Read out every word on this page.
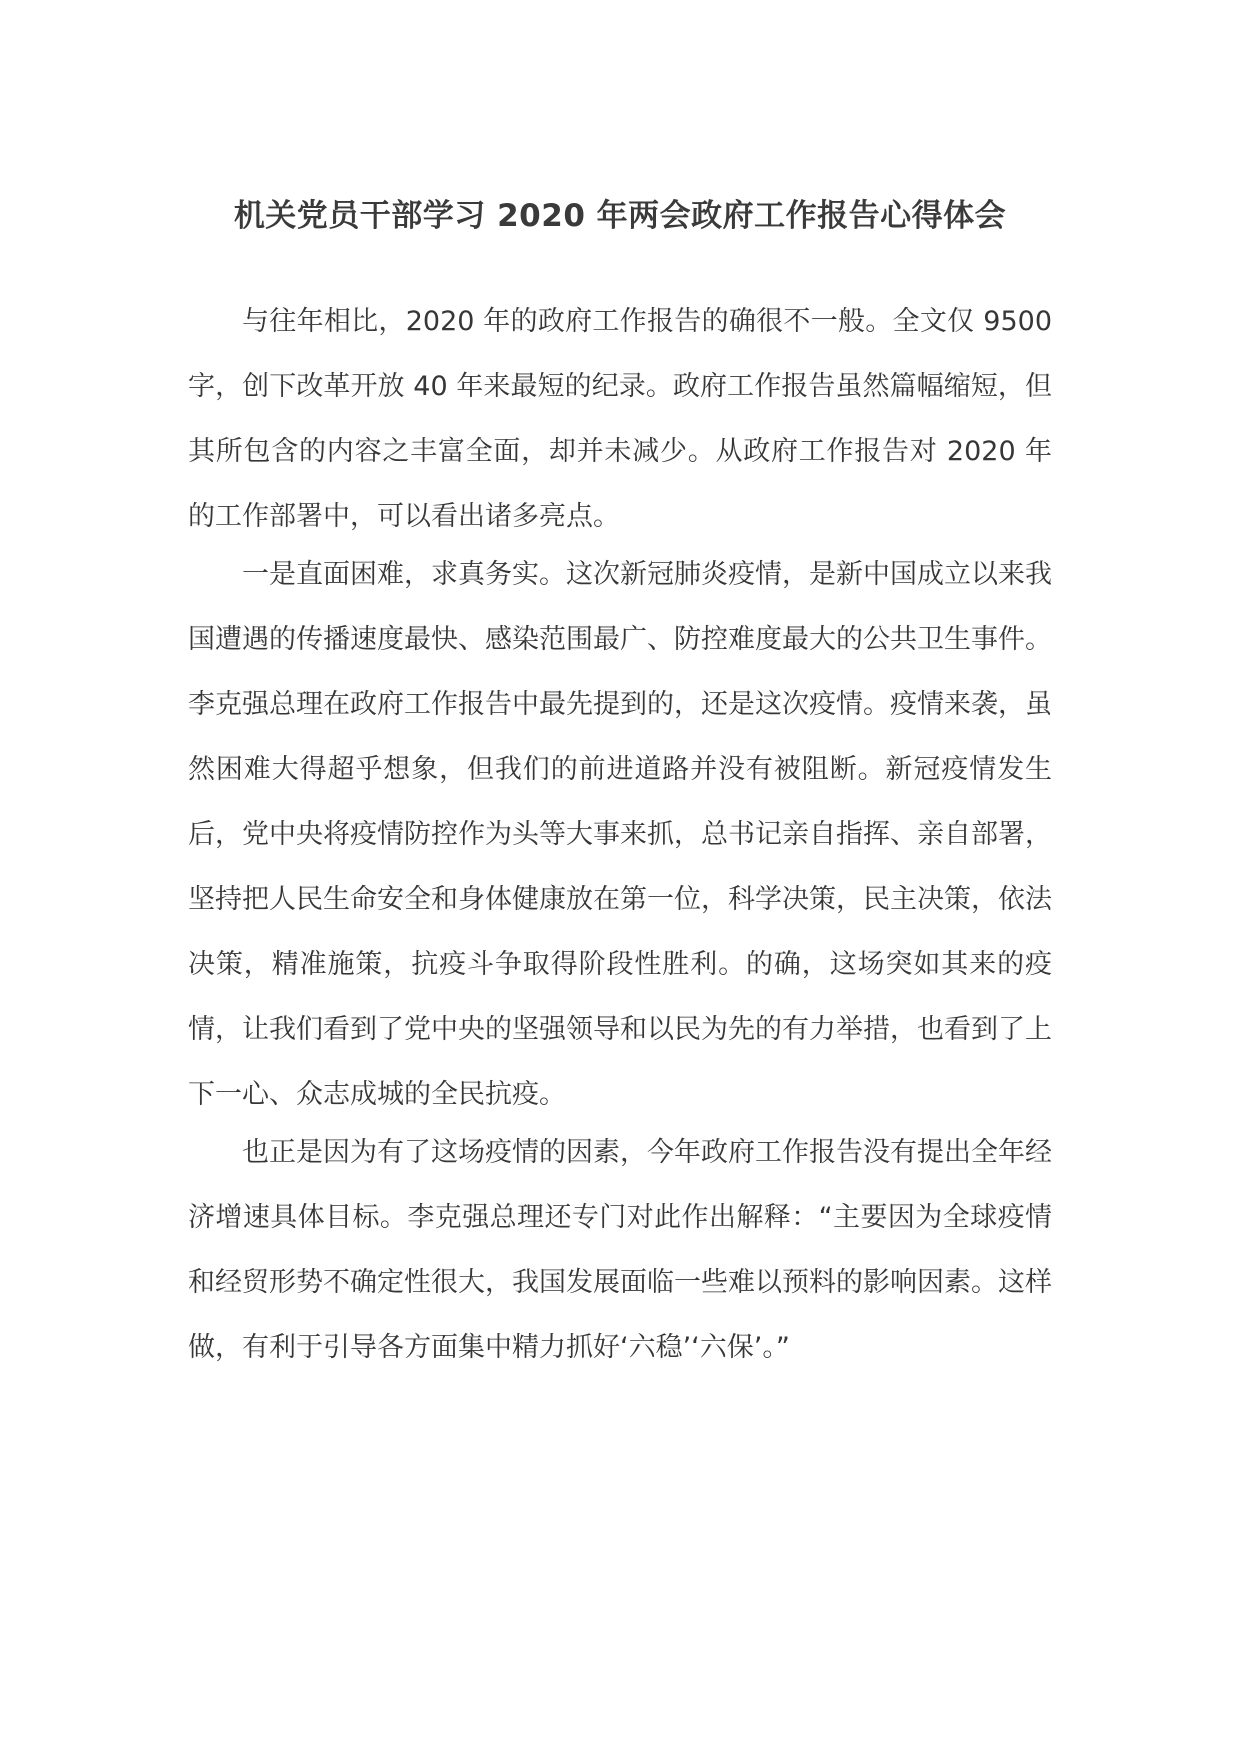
机关党员干部学习 2020 年两会政府工作报告心得体会

与往年相比，2020 年的政府工作报告的确很不一般。全文仅 9500 字，创下改革开放 40 年来最短的纪录。政府工作报告虽然篇幅缩短，但其所包含的内容之丰富全面，却并未减少。从政府工作报告对 2020 年的工作部署中，可以看出诸多亮点。

一是直面困难，求真务实。这次新冠肺炎疫情，是新中国成立以来我国遭遇的传播速度最快、感染范围最广、防控难度最大的公共卫生事件。李克强总理在政府工作报告中最先提到的，还是这次疫情。疫情来袭，虽然困难大得超乎想象，但我们的前进道路并没有被阻断。新冠疫情发生后，党中央将疫情防控作为头等大事来抓，总书记亲自指挥、亲自部署，坚持把人民生命安全和身体健康放在第一位，科学决策，民主决策，依法决策，精准施策，抗疫斗争取得阶段性胜利。的确，这场突如其来的疫情，让我们看到了党中央的坚强领导和以民为先的有力举措，也看到了上下一心、众志成城的全民抗疫。

也正是因为有了这场疫情的因素，今年政府工作报告没有提出全年经济增速具体目标。李克强总理还专门对此作出解释：“主要因为全球疫情和经贸形势不确定性很大，我国发展面临一些难以预料的影响因素。这样做，有利于引导各方面集中精力抓好‘六稳’‘六保’。”
